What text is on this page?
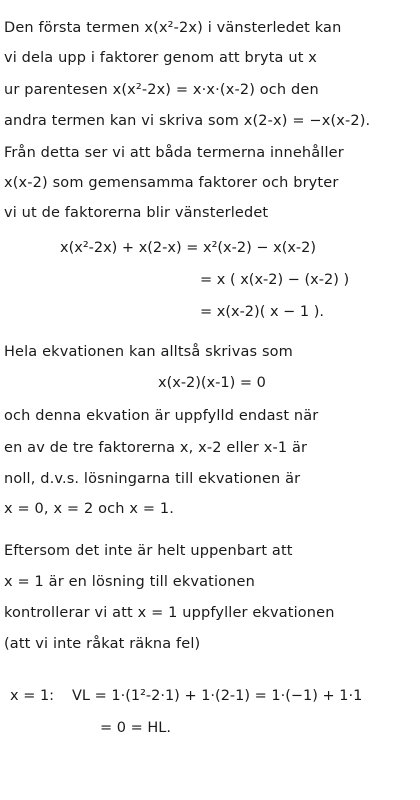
Den första termen x(x²-2x) i vänsterledet kan
vi dela upp i faktorer genom att bryta ut x
ur parentesen x(x²-2x) = x·x·(x-2) och den
andra termen kan vi skriva som x(2-x) = −x(x-2).
Från detta ser vi att båda termerna innehåller
x(x-2) som gemensamma faktorer och bryter
vi ut de faktorerna blir vänsterledet
x(x²-2x) + x(2-x) = x²(x-2) − x(x-2)
= x ( x(x-2) − (x-2) )
= x(x-2)( x − 1 ).
Hela ekvationen kan alltså skrivas som
x(x-2)(x-1) = 0
och denna ekvation är uppfylld endast när
en av de tre faktorerna x, x-2 eller x-1 är
noll, d.v.s. lösningarna till ekvationen är
x = 0, x = 2 och x = 1.
Eftersom det inte är helt uppenbart att
x = 1 är en lösning till ekvationen
kontrollerar vi att x = 1 uppfyller ekvationen
(att vi inte råkat räkna fel)
x = 1: VL = 1·(1²-2·1) + 1·(2-1) = 1·(−1) + 1·1
= 0 = HL.
